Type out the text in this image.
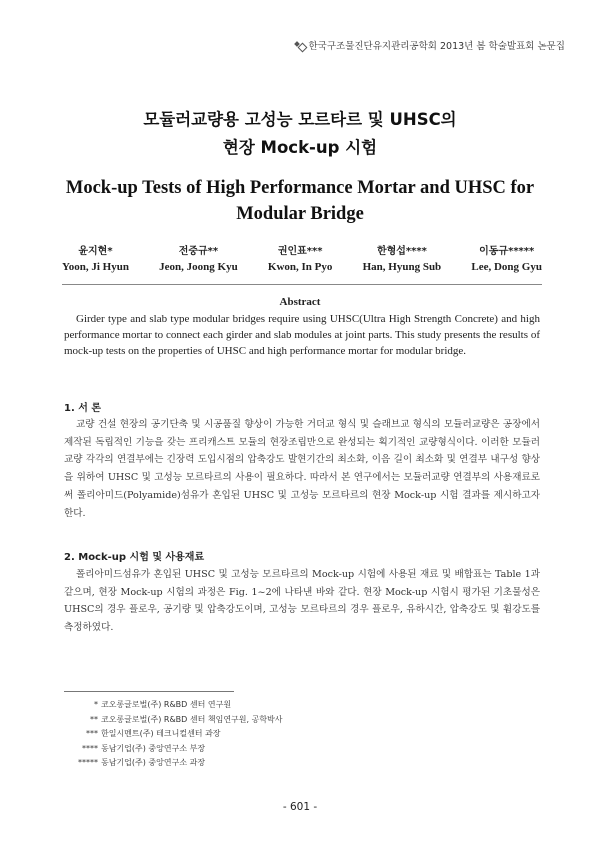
한국구조물진단유지관리공학회 2013년 봄 학술발표회 논문집
모듈러교량용 고성능 모르타르 및 UHSC의
현장 Mock-up 시험
Mock-up Tests of High Performance Mortar and UHSC for
Modular Bridge
윤지현*
Yoon, Ji Hyun
전중규**
Jeon, Joong Kyu
권인표***
Kwon, In Pyo
한형섭****
Han, Hyung Sub
이동규*****
Lee, Dong Gyu
Abstract
Girder type and slab type modular bridges require using UHSC(Ultra High Strength Concrete) and high performance mortar to connect each girder and slab modules at joint parts. This study presents the results of mock-up tests on the properties of UHSC and high performance mortar for modular bridge.
1. 서 론
교량 건설 현장의 공기단축 및 시공품질 향상이 가능한 거더교 형식 및 슬래브교 형식의 모듈러교량은 공장에서 제작된 독립적인 기능을 갖는 프리캐스트 모듈의 현장조립만으로 완성되는 획기적인 교량형식이다. 이러한 모듈러교량 각각의 연결부에는 긴장력 도입시점의 압축강도 발현기간의 최소화, 이음 길이 최소화 및 연결부 내구성 향상을 위하여 UHSC 및 고성능 모르타르의 사용이 필요하다. 따라서 본 연구에서는 모듈러교량 연결부의 사용재료로써 폴리아미드(Polyamide)섬유가 혼입된 UHSC 및 고성능 모르타르의 현장 Mock-up 시험 결과를 제시하고자 한다.
2. Mock-up 시험 및 사용재료
폴리아미드섬유가 혼입된 UHSC 및 고성능 모르타르의 Mock-up 시험에 사용된 재료 및 배합표는 Table 1과 같으며, 현장 Mock-up 시험의 과정은 Fig. 1~2에 나타낸 바와 같다. 현장 Mock-up 시험시 평가된 기초물성은 UHSC의 경우 플로우, 공기량 및 압축강도이며, 고성능 모르타르의 경우 플로우, 유하시간, 압축강도 및 휨강도를 측정하였다.
* 코오롱글로벌(주) R&BD 센터 연구원
** 코오롱글로벌(주) R&BD 센터 책임연구원, 공학박사
*** 한일시멘트(주) 테크니컬센터 과장
**** 동남기업(주) 중앙연구소 부장
***** 동남기업(주) 중앙연구소 과장
- 601 -
